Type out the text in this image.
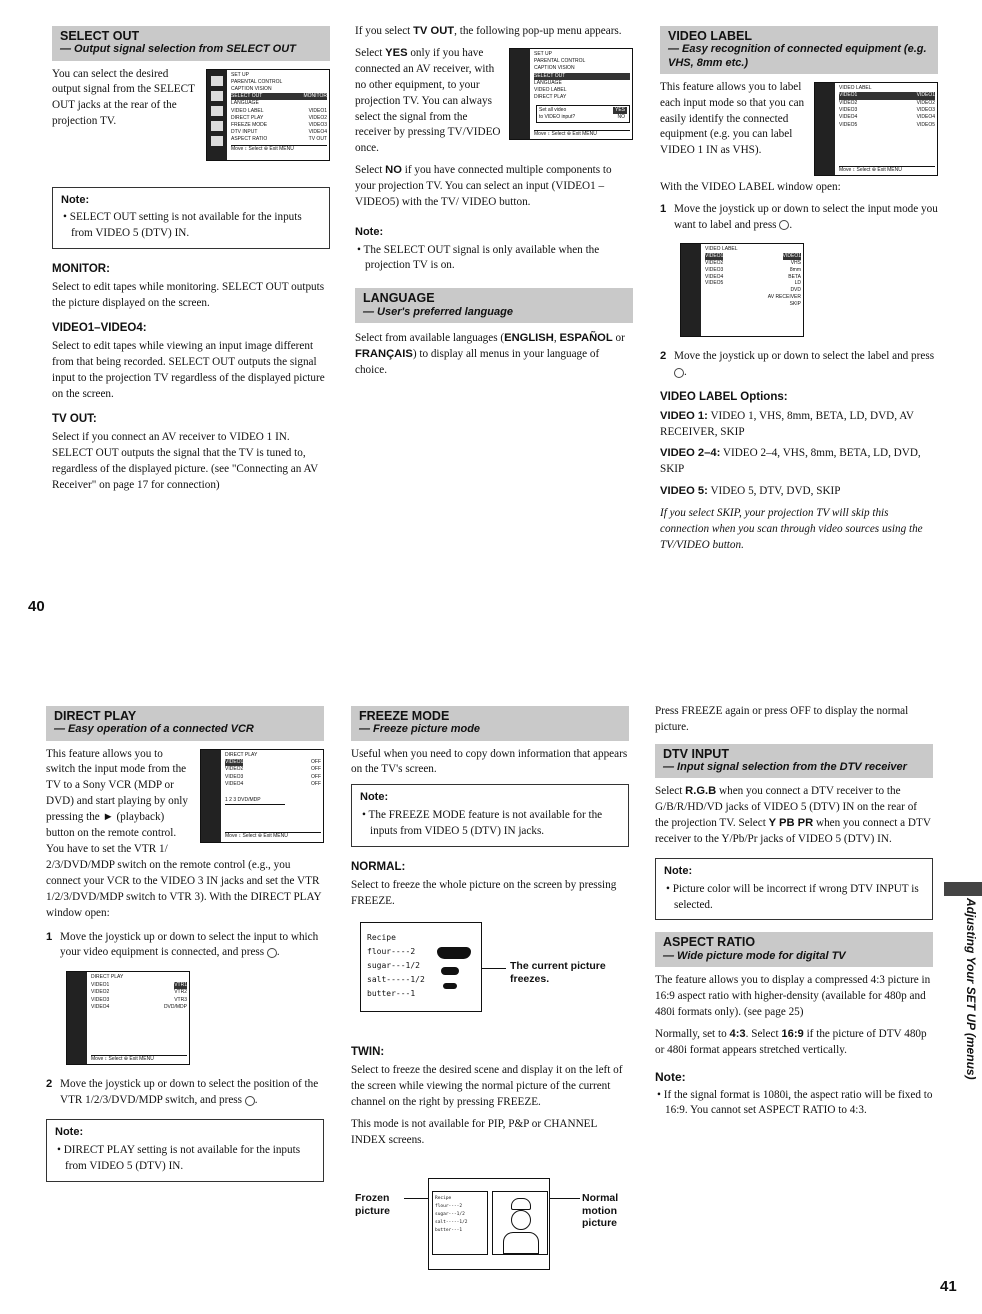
SELECT OUT
— Output signal selection from SELECT OUT
SET UP
PARENTAL CONTROL
CAPTION VISION
SELECT OUT	MONITOR
LANGUAGE
VIDEO LABEL	VIDEO1
DIRECT PLAY	VIDEO2
FREEZE MODE	VIDEO3
DTV INPUT	VIDEO4
ASPECT RATIO	TV OUT
Move ↕ Select ⊕ Exit MENU

You can select the desired output signal from the SELECT OUT jacks at the rear of the projection TV.

Note:
• SELECT OUT setting is not available for the inputs from VIDEO 5 (DTV) IN.
MONITOR:

Select to edit tapes while monitoring. SELECT OUT outputs the picture displayed on the screen.

VIDEO1–VIDEO4:

Select to edit tapes while viewing an input image different from that being recorded. SELECT OUT outputs the signal input to the projection TV regardless of the displayed picture on the screen.

TV OUT:

Select if you connect an AV receiver to VIDEO 1 IN. SELECT OUT outputs the signal that the TV is tuned to, regardless of the displayed picture. (see "Connecting an AV Receiver" on page 17 for connection)

If you select TV OUT, the following pop-up menu appears.

SET UP
PARENTAL CONTROL
CAPTION VISION
SELECT OUT
LANGUAGE
VIDEO LABEL
DIRECT PLAY
Set all video	YES
to VIDEO input?	NO
Move ↕ Select ⊕ Exit MENU

Select YES only if you have connected an AV receiver, with no other equipment, to your projection TV. You can always select the signal from the receiver by pressing TV/VIDEO once.

Select NO if you have connected multiple components to your projection TV. You can select an input (VIDEO1 – VIDEO5) with the TV/ VIDEO button.

Note:
• The SELECT OUT signal is only available when the projection TV is on.
LANGUAGE
— User's preferred language

Select from available languages (ENGLISH, ESPAÑOL or FRANÇAIS) to display all menus in your language of choice.

VIDEO LABEL
— Easy recognition of connected equipment (e.g. VHS, 8mm etc.)
VIDEO LABEL
VIDEO1	VIDEO1
VIDEO2	VIDEO2
VIDEO3	VIDEO3
VIDEO4	VIDEO4
VIDEO5	VIDEO5
Move ↕ Select ⊕ Exit MENU

This feature allows you to label each input mode so that you can easily identify the connected equipment (e.g. you can label VIDEO 1 IN as VHS).

With the VIDEO LABEL window open:

1 Move the joystick up or down to select the input mode you want to label and press .
VIDEO LABEL
VIDEO1	VIDEO1
VIDEO2	VHS
VIDEO3	8mm
VIDEO4	BETA
VIDEO5	LD
DVD
AV RECEIVER
SKIP
2 Move the joystick up or down to select the label and press .
VIDEO LABEL Options:

VIDEO 1: VIDEO 1, VHS, 8mm, BETA, LD, DVD, AV RECEIVER, SKIP

VIDEO 2–4: VIDEO 2–4, VHS, 8mm, BETA, LD, DVD, SKIP

VIDEO 5: VIDEO 5, DTV, DVD, SKIP

If you select SKIP, your projection TV will skip this connection when you scan through video sources using the TV/VIDEO button.

40
DIRECT PLAY
— Easy operation of a connected VCR
DIRECT PLAY
VIDEO1	OFF
VIDEO2	OFF
VIDEO3	OFF
VIDEO4	OFF
1 2 3 DVD/MDP
Move ↕ Select ⊕ Exit MENU

This feature allows you to switch the input mode from the TV to a Sony VCR (MDP or DVD) and start playing by only pressing the ► (playback) button on the remote control. You have to set the VTR 1/ 2/3/DVD/MDP switch on the remote control (e.g., you connect your VCR to the VIDEO 3 IN jacks and set the VTR 1/2/3/DVD/MDP switch to VTR 3). With the DIRECT PLAY window open:

1 Move the joystick up or down to select the input to which your video equipment is connected, and press .
DIRECT PLAY
VIDEO1	VTR1
VIDEO2	VTR2
VIDEO3	VTR3
VIDEO4	DVD/MDP
Move ↕ Select ⊕ Exit MENU
2 Move the joystick up or down to select the position of the VTR 1/2/3/DVD/MDP switch, and press .
Note:
• DIRECT PLAY setting is not available for the inputs from VIDEO 5 (DTV) IN.
FREEZE MODE
— Freeze picture mode

Useful when you need to copy down information that appears on the TV's screen.

Note:
• The FREEZE MODE feature is not available for the inputs from VIDEO 5 (DTV) IN jacks.
NORMAL:

Select to freeze the whole picture on the screen by pressing FREEZE.

Recipe
flour----2
sugar---1/2
salt-----1/2
butter---1
The current picture freezes.
TWIN:

Select to freeze the desired scene and display it on the left of the screen while viewing the normal picture of the current channel on the right by pressing FREEZE.

This mode is not available for PIP, P&P or CHANNEL INDEX screens.

Frozen picture
Recipe
flour----2
sugar---1/2
salt-----1/2
butter---1
Normal motion picture

Press FREEZE again or press OFF to display the normal picture.

DTV INPUT
— Input signal selection from the DTV receiver

Select R.G.B when you connect a DTV receiver to the G/B/R/HD/VD jacks of VIDEO 5 (DTV) IN on the rear of the projection TV. Select Y PB PR when you connect a DTV receiver to the Y/Pb/Pr jacks of VIDEO 5 (DTV) IN.

Note:
• Picture color will be incorrect if wrong DTV INPUT is selected.
ASPECT RATIO
— Wide picture mode for digital TV

The feature allows you to display a compressed 4:3 picture in 16:9 aspect ratio with higher-density (available for 480p and 480i formats only). (see page 25)

Normally, set to 4:3. Select 16:9 if the picture of DTV 480p or 480i format appears stretched vertically.

Note:
• If the signal format is 1080i, the aspect ratio will be fixed to 16:9. You cannot set ASPECT RATIO to 4:3.
Adjusting Your SET UP (menus)
41
